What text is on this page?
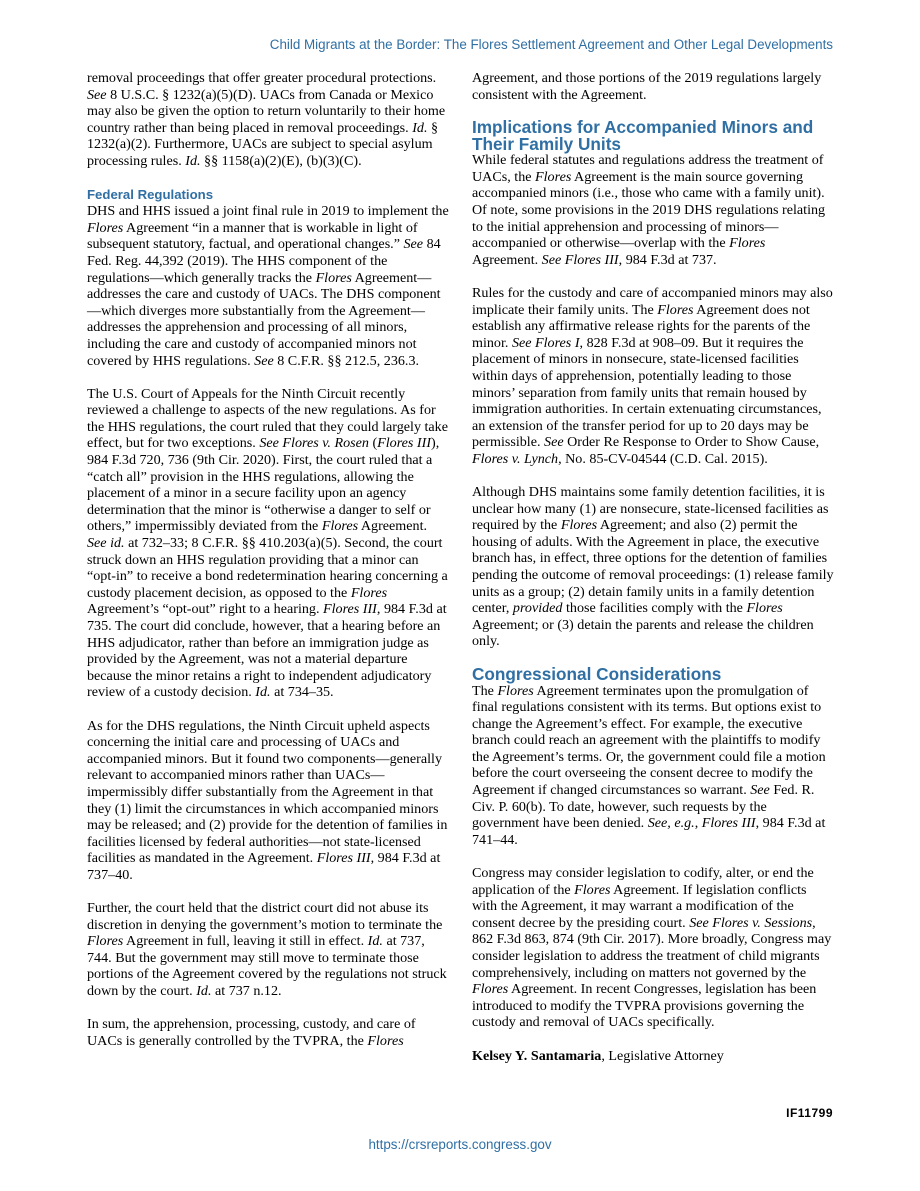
Child Migrants at the Border: The Flores Settlement Agreement and Other Legal Developments

removal proceedings that offer greater procedural protections. See 8 U.S.C. § 1232(a)(5)(D). UACs from Canada or Mexico may also be given the option to return voluntarily to their home country rather than being placed in removal proceedings. Id. § 1232(a)(2). Furthermore, UACs are subject to special asylum processing rules. Id. §§ 1158(a)(2)(E), (b)(3)(C).

Federal Regulations

DHS and HHS issued a joint final rule in 2019 to implement the Flores Agreement “in a manner that is workable in light of subsequent statutory, factual, and operational changes.” See 84 Fed. Reg. 44,392 (2019). The HHS component of the regulations—which generally tracks the Flores Agreement—addresses the care and custody of UACs. The DHS component—which diverges more substantially from the Agreement—addresses the apprehension and processing of all minors, including the care and custody of accompanied minors not covered by HHS regulations. See 8 C.F.R. §§ 212.5, 236.3.

The U.S. Court of Appeals for the Ninth Circuit recently reviewed a challenge to aspects of the new regulations. As for the HHS regulations, the court ruled that they could largely take effect, but for two exceptions. See Flores v. Rosen (Flores III), 984 F.3d 720, 736 (9th Cir. 2020). First, the court ruled that a “catch all” provision in the HHS regulations, allowing the placement of a minor in a secure facility upon an agency determination that the minor is “otherwise a danger to self or others,” impermissibly deviated from the Flores Agreement. See id. at 732–33; 8 C.F.R. §§ 410.203(a)(5). Second, the court struck down an HHS regulation providing that a minor can “opt-in” to receive a bond redetermination hearing concerning a custody placement decision, as opposed to the Flores Agreement’s “opt-out” right to a hearing. Flores III, 984 F.3d at 735. The court did conclude, however, that a hearing before an HHS adjudicator, rather than before an immigration judge as provided by the Agreement, was not a material departure because the minor retains a right to independent adjudicatory review of a custody decision. Id. at 734–35.

As for the DHS regulations, the Ninth Circuit upheld aspects concerning the initial care and processing of UACs and accompanied minors. But it found two components—generally relevant to accompanied minors rather than UACs—impermissibly differ substantially from the Agreement in that they (1) limit the circumstances in which accompanied minors may be released; and (2) provide for the detention of families in facilities licensed by federal authorities—not state-licensed facilities as mandated in the Agreement. Flores III, 984 F.3d at 737–40.

Further, the court held that the district court did not abuse its discretion in denying the government’s motion to terminate the Flores Agreement in full, leaving it still in effect. Id. at 737, 744. But the government may still move to terminate those portions of the Agreement covered by the regulations not struck down by the court. Id. at 737 n.12.

In sum, the apprehension, processing, custody, and care of UACs is generally controlled by the TVPRA, the Flores

Agreement, and those portions of the 2019 regulations largely consistent with the Agreement.

Implications for Accompanied Minors and Their Family Units

While federal statutes and regulations address the treatment of UACs, the Flores Agreement is the main source governing accompanied minors (i.e., those who came with a family unit). Of note, some provisions in the 2019 DHS regulations relating to the initial apprehension and processing of minors—accompanied or otherwise—overlap with the Flores Agreement. See Flores III, 984 F.3d at 737.

Rules for the custody and care of accompanied minors may also implicate their family units. The Flores Agreement does not establish any affirmative release rights for the parents of the minor. See Flores I, 828 F.3d at 908–09. But it requires the placement of minors in nonsecure, state-licensed facilities within days of apprehension, potentially leading to those minors’ separation from family units that remain housed by immigration authorities. In certain extenuating circumstances, an extension of the transfer period for up to 20 days may be permissible. See Order Re Response to Order to Show Cause, Flores v. Lynch, No. 85-CV-04544 (C.D. Cal. 2015).

Although DHS maintains some family detention facilities, it is unclear how many (1) are nonsecure, state-licensed facilities as required by the Flores Agreement; and also (2) permit the housing of adults. With the Agreement in place, the executive branch has, in effect, three options for the detention of families pending the outcome of removal proceedings: (1) release family units as a group; (2) detain family units in a family detention center, provided those facilities comply with the Flores Agreement; or (3) detain the parents and release the children only.

Congressional Considerations

The Flores Agreement terminates upon the promulgation of final regulations consistent with its terms. But options exist to change the Agreement’s effect. For example, the executive branch could reach an agreement with the plaintiffs to modify the Agreement’s terms. Or, the government could file a motion before the court overseeing the consent decree to modify the Agreement if changed circumstances so warrant. See Fed. R. Civ. P. 60(b). To date, however, such requests by the government have been denied. See, e.g., Flores III, 984 F.3d at 741–44.

Congress may consider legislation to codify, alter, or end the application of the Flores Agreement. If legislation conflicts with the Agreement, it may warrant a modification of the consent decree by the presiding court. See Flores v. Sessions, 862 F.3d 863, 874 (9th Cir. 2017). More broadly, Congress may consider legislation to address the treatment of child migrants comprehensively, including on matters not governed by the Flores Agreement. In recent Congresses, legislation has been introduced to modify the TVPRA provisions governing the custody and removal of UACs specifically.

Kelsey Y. Santamaria, Legislative Attorney

IF11799
https://crsreports.congress.gov
